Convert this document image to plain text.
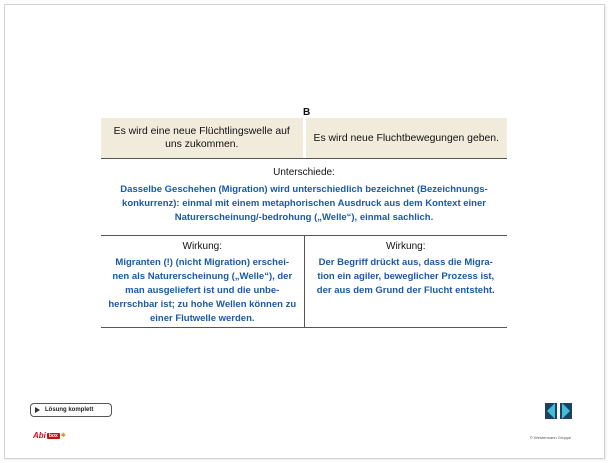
B
Es wird eine neue Flüchtlingswelle auf uns zukommen.
Es wird neue Fluchtbewegungen geben.
Unterschiede:
Dasselbe Geschehen (Migration) wird unterschiedlich bezeichnet (Bezeichnungs-konkurrenz): einmal mit einem metaphorischen Ausdruck aus dem Kontext einer Naturerscheinung/-bedrohung („Welle“), einmal sachlich.
Wirkung:
Migranten (!) (nicht Migration) erschei-nen als Naturerscheinung („Welle“), der man ausgeliefert ist und die unbe-herrschbar ist; zu hohe Wellen können zu einer Flutwelle werden.
Wirkung:
Der Begriff drückt aus, dass die Migra-tion ein agiler, beweglicher Prozess ist, der aus dem Grund der Flucht entsteht.
Lösung komplett
Abi box ✱	© Westermann Gruppe
